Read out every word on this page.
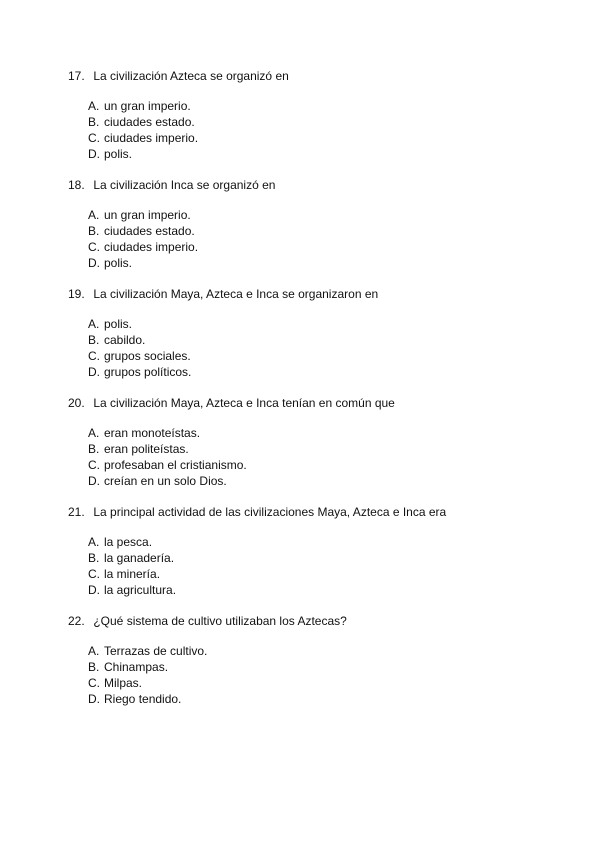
17. La civilización Azteca se organizó en
A. un gran imperio.
B. ciudades estado.
C. ciudades imperio.
D. polis.
18. La civilización Inca se organizó en
A. un gran imperio.
B. ciudades estado.
C. ciudades imperio.
D. polis.
19. La civilización Maya, Azteca e Inca se organizaron en
A. polis.
B. cabildo.
C. grupos sociales.
D. grupos políticos.
20. La civilización Maya, Azteca e Inca tenían en común que
A. eran monoteístas.
B. eran politeístas.
C. profesaban el cristianismo.
D. creían en un solo Dios.
21. La principal actividad de las civilizaciones Maya, Azteca e Inca era
A. la pesca.
B. la ganadería.
C. la minería.
D. la agricultura.
22. ¿Qué sistema de cultivo utilizaban los Aztecas?
A. Terrazas de cultivo.
B. Chinampas.
C. Milpas.
D. Riego tendido.
